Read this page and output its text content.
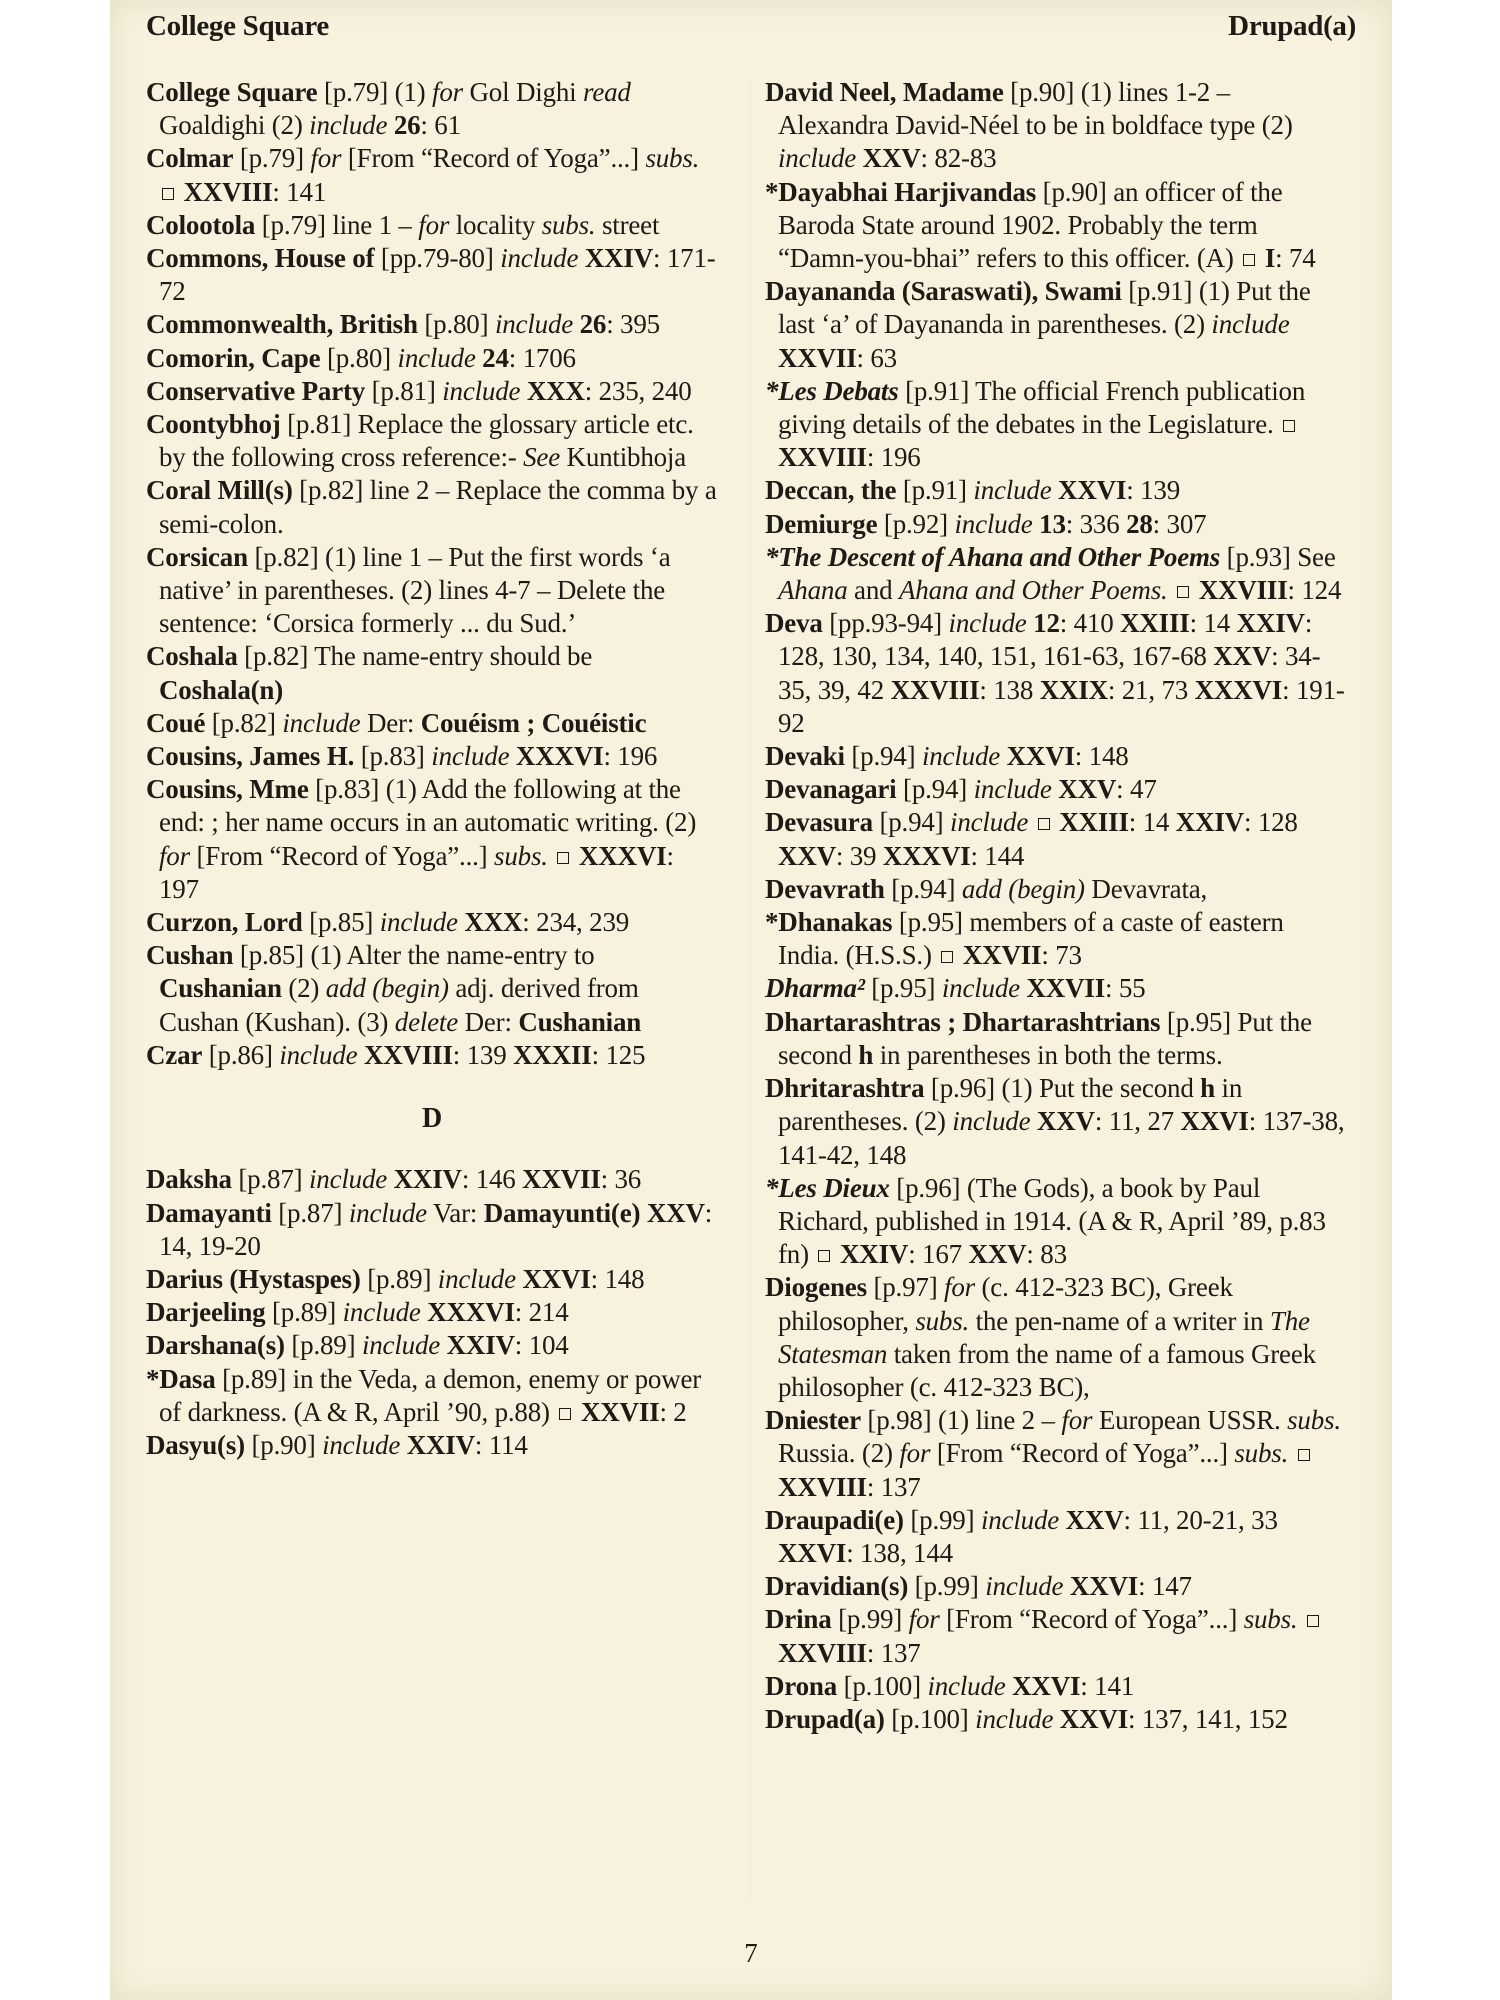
College Square	Drupad(a)
College Square [p.79] (1) for Gol Dighi read Goaldighi (2) include 26: 61
Colmar [p.79] for [From “Record of Yoga”...] subs.  XXVIII: 141
Colootola [p.79] line 1 – for locality subs. street
Commons, House of [pp.79-80] include XXIV: 171-72
Commonwealth, British [p.80] include 26: 395
Comorin, Cape [p.80] include 24: 1706
Conservative Party [p.81] include XXX: 235, 240
Coontybhoj [p.81] Replace the glossary article etc. by the following cross reference:- See Kuntibhoja
Coral Mill(s) [p.82] line 2 – Replace the comma by a semi-colon.
Corsican [p.82] (1) line 1 – Put the first words ‘a native’ in parentheses. (2) lines 4-7 – Delete the sentence: ‘Corsica formerly ... du Sud.’
Coshala [p.82] The name-entry should be Coshala(n)
Coué [p.82] include Der: Couéism ; Couéistic
Cousins, James H. [p.83] include XXXVI: 196
Cousins, Mme [p.83] (1) Add the following at the end: ; her name occurs in an automatic writing. (2) for [From “Record of Yoga”...] subs. XXXVI: 197
Curzon, Lord [p.85] include XXX: 234, 239
Cushan [p.85] (1) Alter the name-entry to Cushanian (2) add (begin) adj. derived from Cushan (Kushan). (3) delete Der: Cushanian
Czar [p.86] include XXVIII: 139 XXXII: 125
D
Daksha [p.87] include XXIV: 146 XXVII: 36
Damayanti [p.87] include Var: Damayunti(e) XXV: 14, 19-20
Darius (Hystaspes) [p.89] include XXVI: 148
Darjeeling [p.89] include XXXVI: 214
Darshana(s) [p.89] include XXIV: 104
*Dasa [p.89] in the Veda, a demon, enemy or power of darkness. (A & R, April ’90, p.88)  XXVII: 2
Dasyu(s) [p.90] include XXIV: 114
David Neel, Madame [p.90] (1) lines 1-2 – Alexandra David-Néel to be in boldface type (2) include XXV: 82-83
*Dayabhai Harjivandas [p.90] an officer of the Baroda State around 1902. Probably the term “Damn-you-bhai” refers to this officer. (A)  I: 74
Dayananda (Saraswati), Swami [p.91] (1) Put the last ‘a’ of Dayananda in parentheses. (2) include XXVII: 63
*Les Debats [p.91] The official French publication giving details of the debates in the Legislature.  XXVIII: 196
Deccan, the [p.91] include XXVI: 139
Demiurge [p.92] include 13: 336 28: 307
*The Descent of Ahana and Other Poems [p.93] See Ahana and Ahana and Other Poems. XXVIII: 124
Deva [pp.93-94] include 12: 410 XXIII: 14 XXIV: 128, 130, 134, 140, 151, 161-63, 167-68 XXV: 34-35, 39, 42 XXVIII: 138 XXIX: 21, 73 XXXVI: 191-92
Devaki [p.94] include XXVI: 148
Devanagari [p.94] include XXV: 47
Devasura [p.94] include XXIII: 14 XXIV: 128 XXV: 39 XXXVI: 144
Devavrath [p.94] add (begin) Devavrata,
*Dhanakas [p.95] members of a caste of eastern India. (H.S.S.)  XXVII: 73
Dharma² [p.95] include XXVII: 55
Dhartarashtras ; Dhartarashtrians [p.95] Put the second h in parentheses in both the terms.
Dhritarashtra [p.96] (1) Put the second h in parentheses. (2) include XXV: 11, 27 XXVI: 137-38, 141-42, 148
*Les Dieux [p.96] (The Gods), a book by Paul Richard, published in 1914. (A & R, April ’89, p.83 fn)  XXIV: 167 XXV: 83
Diogenes [p.97] for (c. 412-323 BC), Greek philosopher, subs. the pen-name of a writer in The Statesman taken from the name of a famous Greek philosopher (c. 412-323 BC),
Dniester [p.98] (1) line 2 – for European USSR. subs. Russia. (2) for [From “Record of Yoga”...] subs.  XXVIII: 137
Draupadi(e) [p.99] include XXV: 11, 20-21, 33 XXVI: 138, 144
Dravidian(s) [p.99] include XXVI: 147
Drina [p.99] for [From “Record of Yoga”...] subs.  XXVIII: 137
Drona [p.100] include XXVI: 141
Drupad(a) [p.100] include XXVI: 137, 141, 152
7
